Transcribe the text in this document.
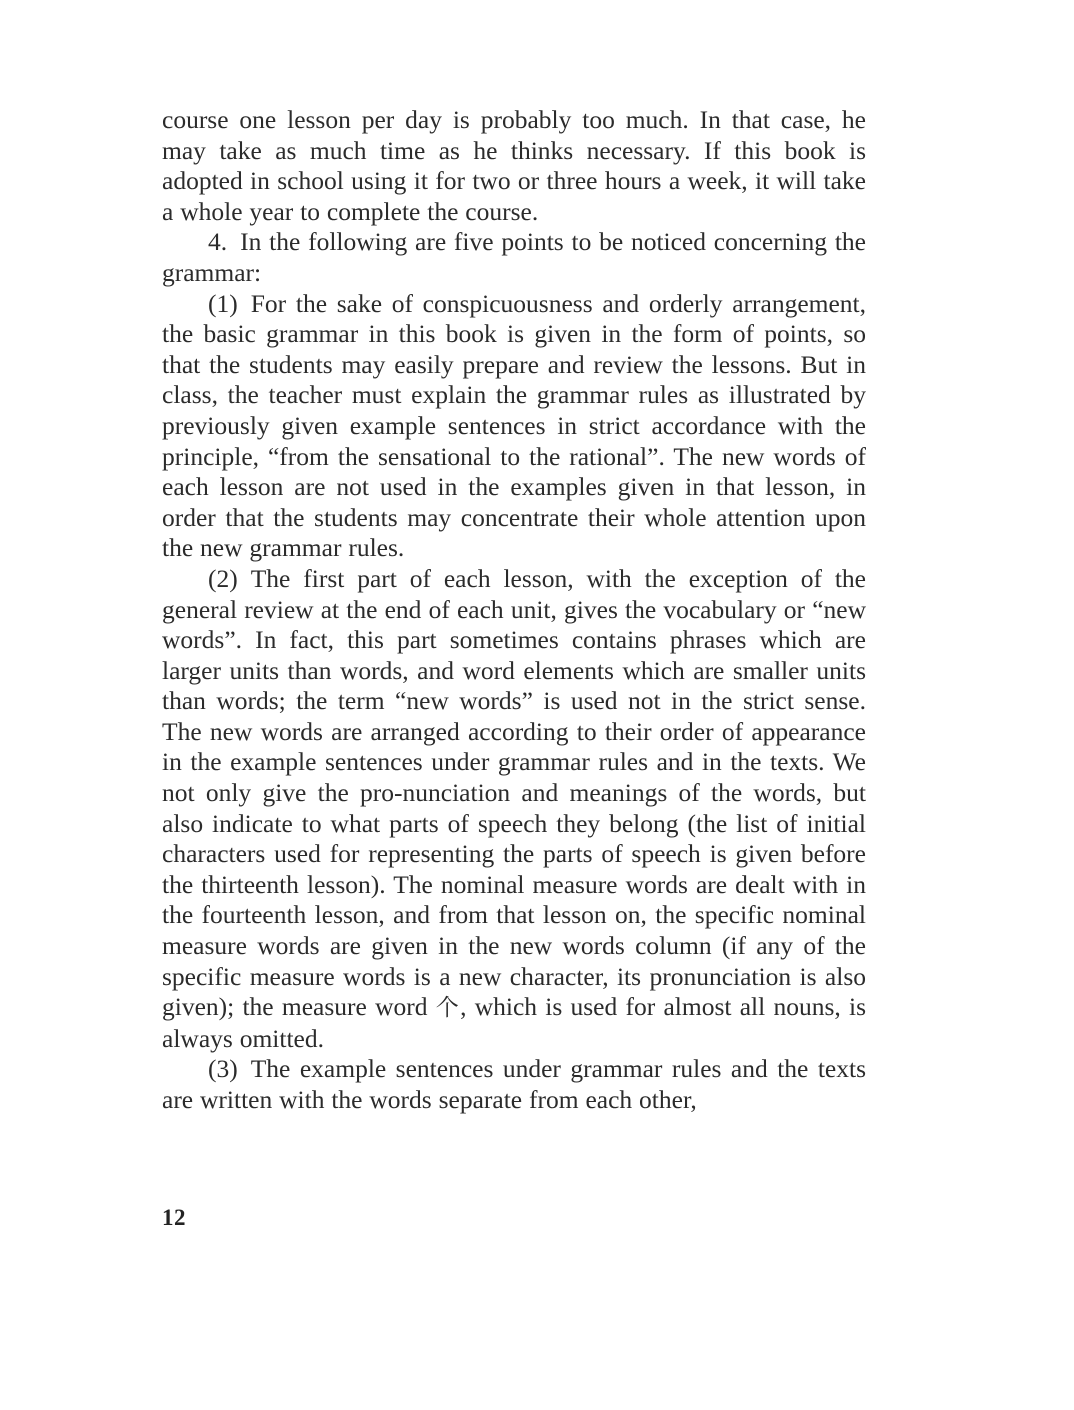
course one lesson per day is probably too much. In that case, he may take as much time as he thinks necessary. If this book is adopted in school using it for two or three hours a week, it will take a whole year to complete the course.

4. In the following are five points to be noticed concerning the grammar:

(1) For the sake of conspicuousness and orderly arrangement, the basic grammar in this book is given in the form of points, so that the students may easily prepare and review the lessons. But in class, the teacher must explain the grammar rules as illustrated by previously given example sentences in strict accordance with the principle, “from the sensational to the rational”. The new words of each lesson are not used in the examples given in that lesson, in order that the students may concentrate their whole attention upon the new grammar rules.

(2) The first part of each lesson, with the exception of the general review at the end of each unit, gives the vocabulary or “new words”. In fact, this part sometimes contains phrases which are larger units than words, and word elements which are smaller units than words; the term “new words” is used not in the strict sense. The new words are arranged according to their order of appearance in the example sentences under grammar rules and in the texts. We not only give the pro-nunciation and meanings of the words, but also indicate to what parts of speech they belong (the list of initial characters used for representing the parts of speech is given before the thirteenth lesson). The nominal measure words are dealt with in the fourteenth lesson, and from that lesson on, the specific nominal measure words are given in the new words column (if any of the specific measure words is a new character, its pronunciation is also given); the measure word 个, which is used for almost all nouns, is always omitted.

(3) The example sentences under grammar rules and the texts are written with the words separate from each other,

12
